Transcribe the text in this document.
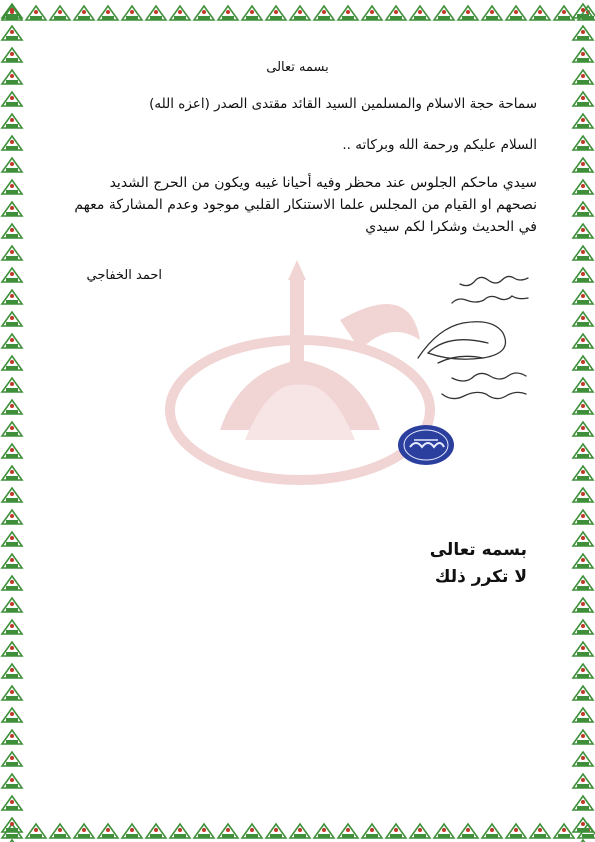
بسمه تعالى
سماحة حجة الاسلام والمسلمين السيد القائد مقتدى الصدر (اعزه الله)
السلام عليكم ورحمة الله وبركاته ..
سيدي ماحكم الجلوس عند محظر وفيه أحيانا غيبه ويكون من الحرج الشديد نصحهم او القيام من المجلس علما الاستنكار القلبي موجود وعدم المشاركة معهم في الحديث وشكرا لكم سيدي
احمد الخفاجي
بسمه تعالى
لا تكرر ذلك
